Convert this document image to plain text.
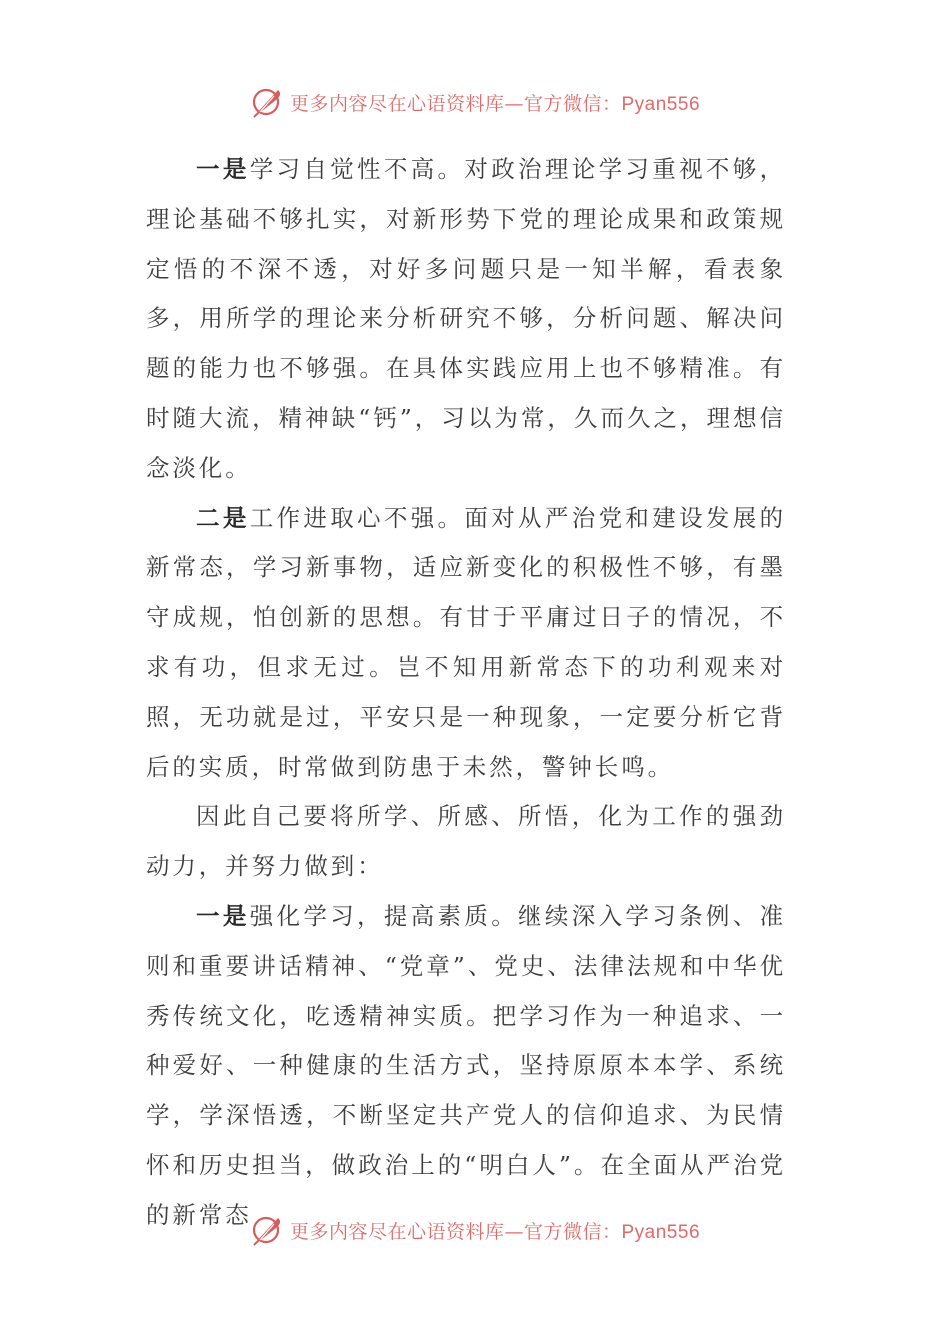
更多内容尽在心语资料库—官方微信：Pyan556

一是学习自觉性不高。对政治理论学习重视不够，理论基础不够扎实，对新形势下党的理论成果和政策规定悟的不深不透，对好多问题只是一知半解，看表象多，用所学的理论来分析研究不够，分析问题、解决问题的能力也不够强。在具体实践应用上也不够精准。有时随大流，精神缺“钙”，习以为常，久而久之，理想信念淡化。

二是工作进取心不强。面对从严治党和建设发展的新常态，学习新事物，适应新变化的积极性不够，有墨守成规，怕创新的思想。有甘于平庸过日子的情况，不求有功，但求无过。岂不知用新常态下的功利观来对照，无功就是过，平安只是一种现象，一定要分析它背后的实质，时常做到防患于未然，警钟长鸣。

因此自己要将所学、所感、所悟，化为工作的强劲动力，并努力做到：

一是强化学习，提高素质。继续深入学习条例、准则和重要讲话精神、“党章”、党史、法律法规和中华优秀传统文化，吃透精神实质。把学习作为一种追求、一种爱好、一种健康的生活方式，坚持原原本本学、系统学，学深悟透，不断坚定共产党人的信仰追求、为民情怀和历史担当，做政治上的“明白人”。在全面从严治党的新常态

更多内容尽在心语资料库—官方微信：Pyan556
